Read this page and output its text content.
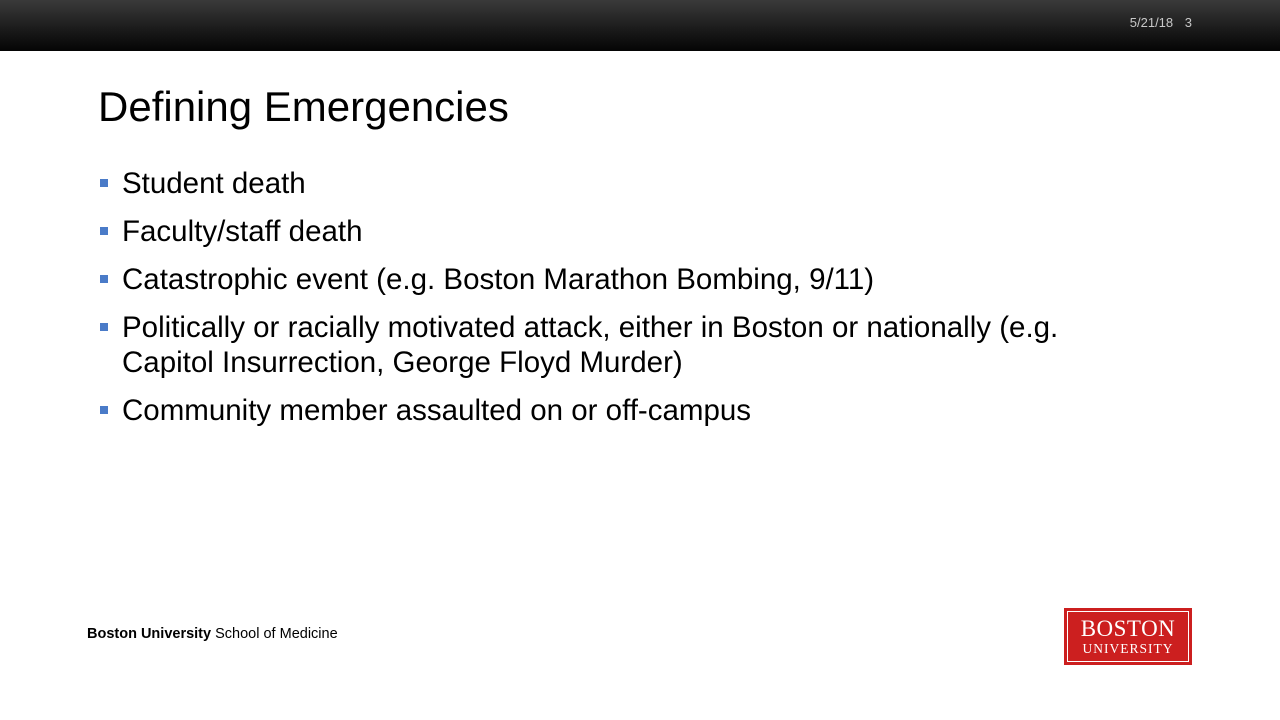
5/21/18 3
Defining Emergencies
Student death
Faculty/staff death
Catastrophic event (e.g. Boston Marathon Bombing, 9/11)
Politically or racially motivated attack, either in Boston or nationally (e.g. Capitol Insurrection, George Floyd Murder)
Community member assaulted on or off-campus
Boston University School of Medicine	BOSTON
UNIVERSITY
